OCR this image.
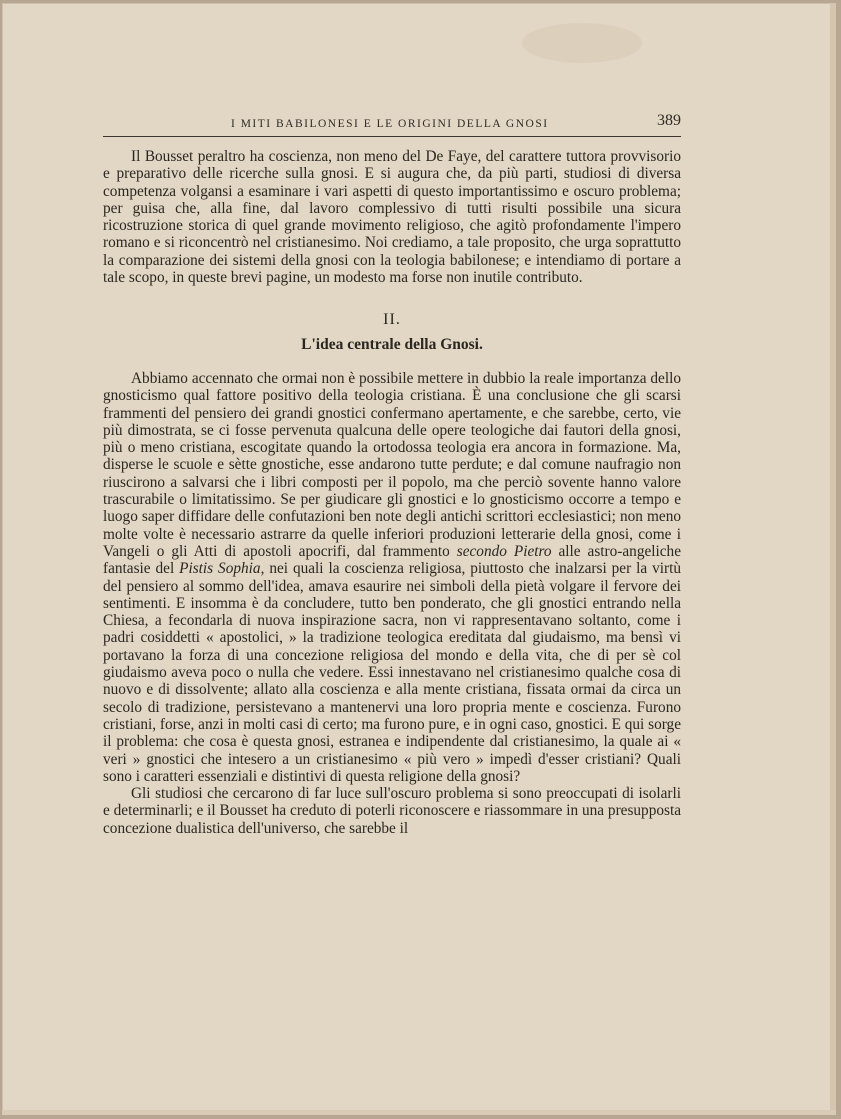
I MITI BABILONESI E LE ORIGINI DELLA GNOSI	389

Il Bousset peraltro ha coscienza, non meno del De Faye, del carattere tuttora provvisorio e preparativo delle ricerche sulla gnosi. E si augura che, da più parti, studiosi di diversa competenza volgansi a esaminare i vari aspetti di questo importantissimo e oscuro problema; per guisa che, alla fine, dal lavoro complessivo di tutti risulti possibile una sicura ricostruzione storica di quel grande movimento religioso, che agitò profondamente l'impero romano e si riconcentrò nel cristianesimo. Noi crediamo, a tale proposito, che urga soprattutto la comparazione dei sistemi della gnosi con la teologia babilonese; e intendiamo di portare a tale scopo, in queste brevi pagine, un modesto ma forse non inutile contributo.

II.
L'idea centrale della Gnosi.

Abbiamo accennato che ormai non è possibile mettere in dubbio la reale importanza dello gnosticismo qual fattore positivo della teologia cristiana. È una conclusione che gli scarsi frammenti del pensiero dei grandi gnostici confermano apertamente, e che sarebbe, certo, vie più dimostrata, se ci fosse pervenuta qualcuna delle opere teologiche dai fautori della gnosi, più o meno cristiana, escogitate quando la ortodossa teologia era ancora in formazione. Ma, disperse le scuole e sètte gnostiche, esse andarono tutte perdute; e dal comune naufragio non riuscirono a salvarsi che i libri composti per il popolo, ma che perciò sovente hanno valore trascurabile o limitatissimo. Se per giudicare gli gnostici e lo gnosticismo occorre a tempo e luogo saper diffidare delle confutazioni ben note degli antichi scrittori ecclesiastici; non meno molte volte è necessario astrarre da quelle inferiori produzioni letterarie della gnosi, come i Vangeli o gli Atti di apostoli apocrifi, dal frammento secondo Pietro alle astro-angeliche fantasie del Pistis Sophia, nei quali la coscienza religiosa, piuttosto che inalzarsi per la virtù del pensiero al sommo dell'idea, amava esaurire nei simboli della pietà volgare il fervore dei sentimenti. E insomma è da concludere, tutto ben ponderato, che gli gnostici entrando nella Chiesa, a fecondarla di nuova inspirazione sacra, non vi rappresentavano soltanto, come i padri cosiddetti « apostolici, » la tradizione teologica ereditata dal giudaismo, ma bensì vi portavano la forza di una concezione religiosa del mondo e della vita, che di per sè col giudaismo aveva poco o nulla che vedere. Essi innestavano nel cristianesimo qualche cosa di nuovo e di dissolvente; allato alla coscienza e alla mente cristiana, fissata ormai da circa un secolo di tradizione, persistevano a mantenervi una loro propria mente e coscienza. Furono cristiani, forse, anzi in molti casi di certo; ma furono pure, e in ogni caso, gnostici. E qui sorge il problema: che cosa è questa gnosi, estranea e indipendente dal cristianesimo, la quale ai « veri » gnostici che intesero a un cristianesimo « più vero » impedì d'esser cristiani? Quali sono i caratteri essenziali e distintivi di questa religione della gnosi?

Gli studiosi che cercarono di far luce sull'oscuro problema si sono preoccupati di isolarli e determinarli; e il Bousset ha creduto di poterli riconoscere e riassommare in una presupposta concezione dualistica dell'universo, che sarebbe il
